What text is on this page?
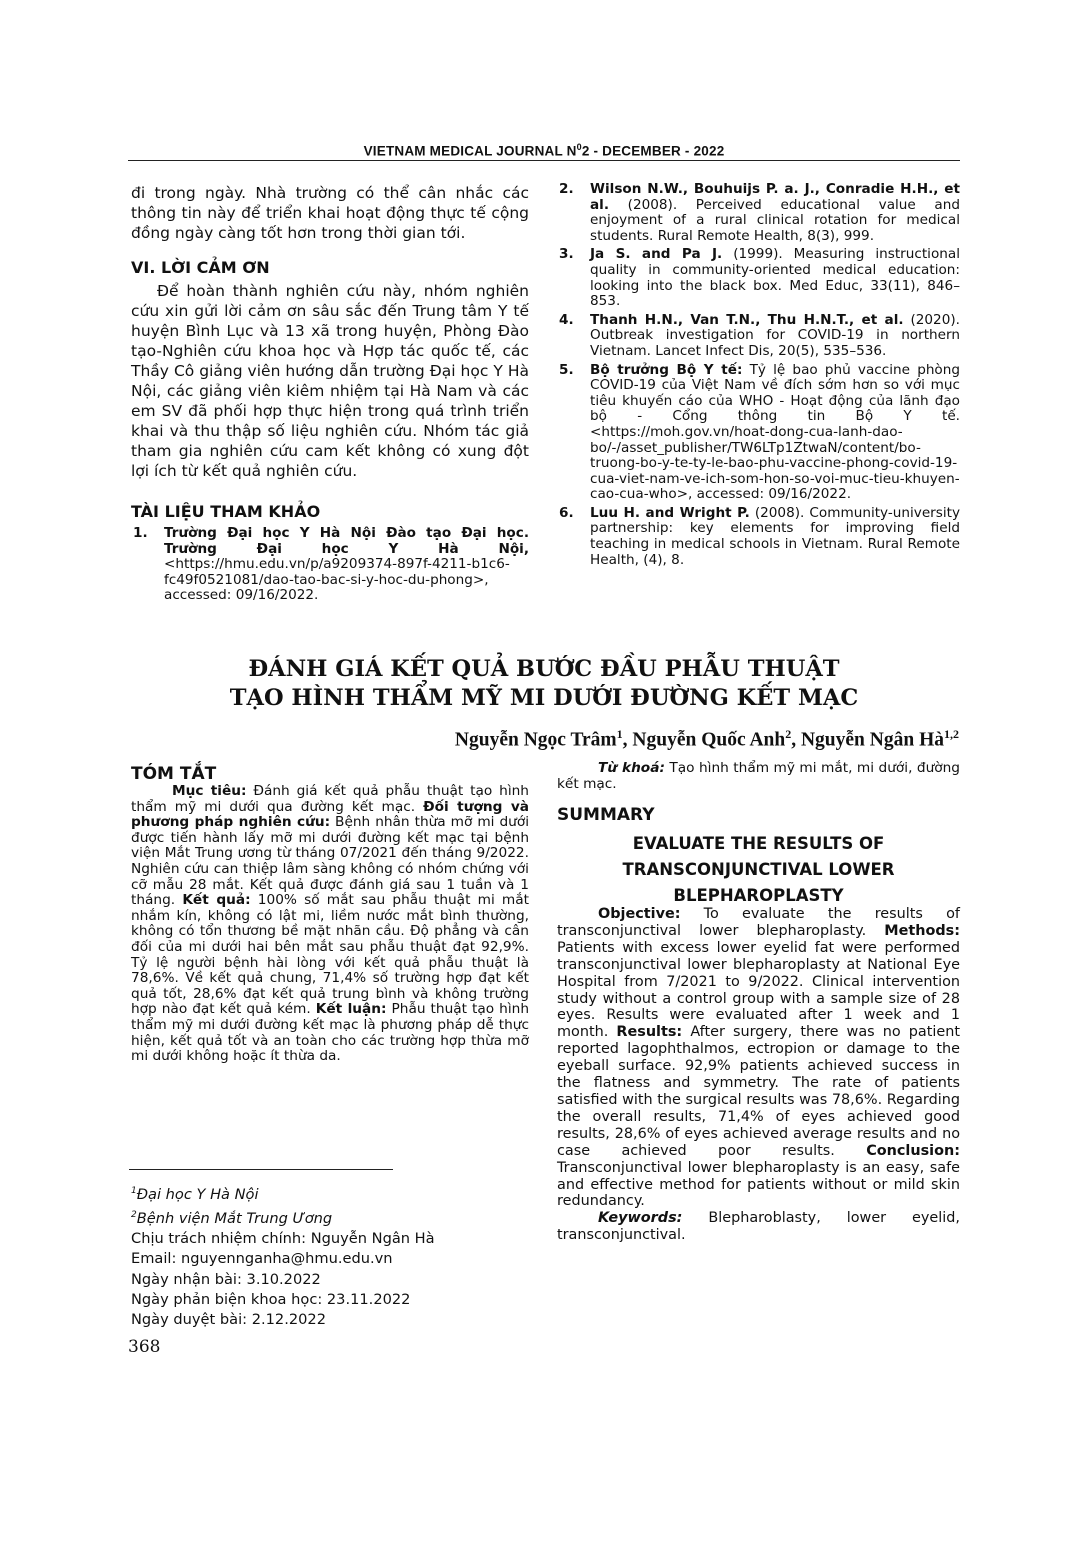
VIETNAM MEDICAL JOURNAL $N^02$ - DECEMBER - 2022

đi trong ngày. Nhà trường có thể cân nhắc các thông tin này để triển khai hoạt động thực tế cộng đồng ngày càng tốt hơn trong thời gian tới.

VI. LỜI CẢM ƠN

Để hoàn thành nghiên cứu này, nhóm nghiên cứu xin gửi lời cảm ơn sâu sắc đến Trung tâm Y tế huyện Bình Lục và 13 xã trong huyện, Phòng Đào tạo-Nghiên cứu khoa học và Hợp tác quốc tế, các Thầy Cô giảng viên hướng dẫn trường Đại học Y Hà Nội, các giảng viên kiêm nhiệm tại Hà Nam và các em SV đã phối hợp thực hiện trong quá trình triển khai và thu thập số liệu nghiên cứu. Nhóm tác giả tham gia nghiên cứu cam kết không có xung đột lợi ích từ kết quả nghiên cứu.

TÀI LIỆU THAM KHẢO
1. Trường Đại học Y Hà Nội Đào tạo Đại học. Trường Đại học Y Hà Nội, <https://hmu.edu.vn/p/a9209374-897f-4211-b1c6-fc49f0521081/dao-tao-bac-si-y-hoc-du-phong>, accessed: 09/16/2022.
2. Wilson N.W., Bouhuijs P. a. J., Conradie H.H., et al. (2008). Perceived educational value and enjoyment of a rural clinical rotation for medical students. Rural Remote Health, 8(3), 999.
3. Ja S. and Pa J. (1999). Measuring instructional quality in community-oriented medical education: looking into the black box. Med Educ, 33(11), 846–853.
4. Thanh H.N., Van T.N., Thu H.N.T., et al. (2020). Outbreak investigation for COVID-19 in northern Vietnam. Lancet Infect Dis, 20(5), 535–536.
5. Bộ trưởng Bộ Y tế: Tỷ lệ bao phủ vaccine phòng COVID-19 của Việt Nam về đích sớm hơn so với mục tiêu khuyến cáo của WHO - Hoạt động của lãnh đạo bộ - Cổng thông tin Bộ Y tế. <https://moh.gov.vn/hoat-dong-cua-lanh-dao-bo/-/asset_publisher/TW6LTp1ZtwaN/content/bo-truong-bo-y-te-ty-le-bao-phu-vaccine-phong-covid-19-cua-viet-nam-ve-ich-som-hon-so-voi-muc-tieu-khuyen-cao-cua-who>, accessed: 09/16/2022.
6. Luu H. and Wright P. (2008). Community-university partnership: key elements for improving field teaching in medical schools in Vietnam. Rural Remote Health, (4), 8.
ĐÁNH GIÁ KẾT QUẢ BƯỚC ĐẦU PHẪU THUẬT
TẠO HÌNH THẨM MỸ MI DƯỚI ĐƯỜNG KẾT MẠC
Nguyễn Ngọc Trâm$^1$, Nguyễn Quốc Anh$^2$, Nguyễn Ngân Hà$^{1,2}$
TÓM TẮT

Mục tiêu: Đánh giá kết quả phẫu thuật tạo hình thẩm mỹ mi dưới qua đường kết mạc. Đối tượng và phương pháp nghiên cứu: Bệnh nhân thừa mỡ mi dưới được tiến hành lấy mỡ mi dưới đường kết mạc tại bệnh viện Mắt Trung ương từ tháng 07/2021 đến tháng 9/2022. Nghiên cứu can thiệp lâm sàng không có nhóm chứng với cỡ mẫu 28 mắt. Kết quả được đánh giá sau 1 tuần và 1 tháng. Kết quả: 100% số mắt sau phẫu thuật mi mắt nhắm kín, không có lật mi, liềm nước mắt bình thường, không có tổn thương bề mặt nhãn cầu. Độ phẳng và cân đối của mi dưới hai bên mắt sau phẫu thuật đạt 92,9%. Tỷ lệ người bệnh hài lòng với kết quả phẫu thuật là 78,6%. Về kết quả chung, 71,4% số trường hợp đạt kết quả tốt, 28,6% đạt kết quả trung bình và không trường hợp nào đạt kết quả kém. Kết luận: Phẫu thuật tạo hình thẩm mỹ mi dưới đường kết mạc là phương pháp dễ thực hiện, kết quả tốt và an toàn cho các trường hợp thừa mỡ mi dưới không hoặc ít thừa da.

Từ khoá: Tạo hình thẩm mỹ mi mắt, mi dưới, đường kết mạc.

SUMMARY
EVALUATE THE RESULTS OF
TRANSCONJUNCTIVAL LOWER
BLEPHAROPLASTY

Objective: To evaluate the results of transconjunctival lower blepharoplasty. Methods: Patients with excess lower eyelid fat were performed transconjunctival lower blepharoplasty at National Eye Hospital from 7/2021 to 9/2022. Clinical intervention study without a control group with a sample size of 28 eyes. Results were evaluated after 1 week and 1 month. Results: After surgery, there was no patient reported lagophthalmos, ectropion or damage to the eyeball surface. 92,9% patients achieved success in the flatness and symmetry. The rate of patients satisfied with the surgical results was 78,6%. Regarding the overall results, 71,4% of eyes achieved good results, 28,6% of eyes achieved average results and no case achieved poor results. Conclusion: Transconjunctival lower blepharoplasty is an easy, safe and effective method for patients without or mild skin redundancy.

Keywords: Blepharoblasty, lower eyelid, transconjunctival.

$^1$Đại học Y Hà Nội
$^2$Bệnh viện Mắt Trung Ương
Chịu trách nhiệm chính: Nguyễn Ngân Hà
Email: nguyennganha@hmu.edu.vn
Ngày nhận bài: 3.10.2022
Ngày phản biện khoa học: 23.11.2022
Ngày duyệt bài: 2.12.2022
368
